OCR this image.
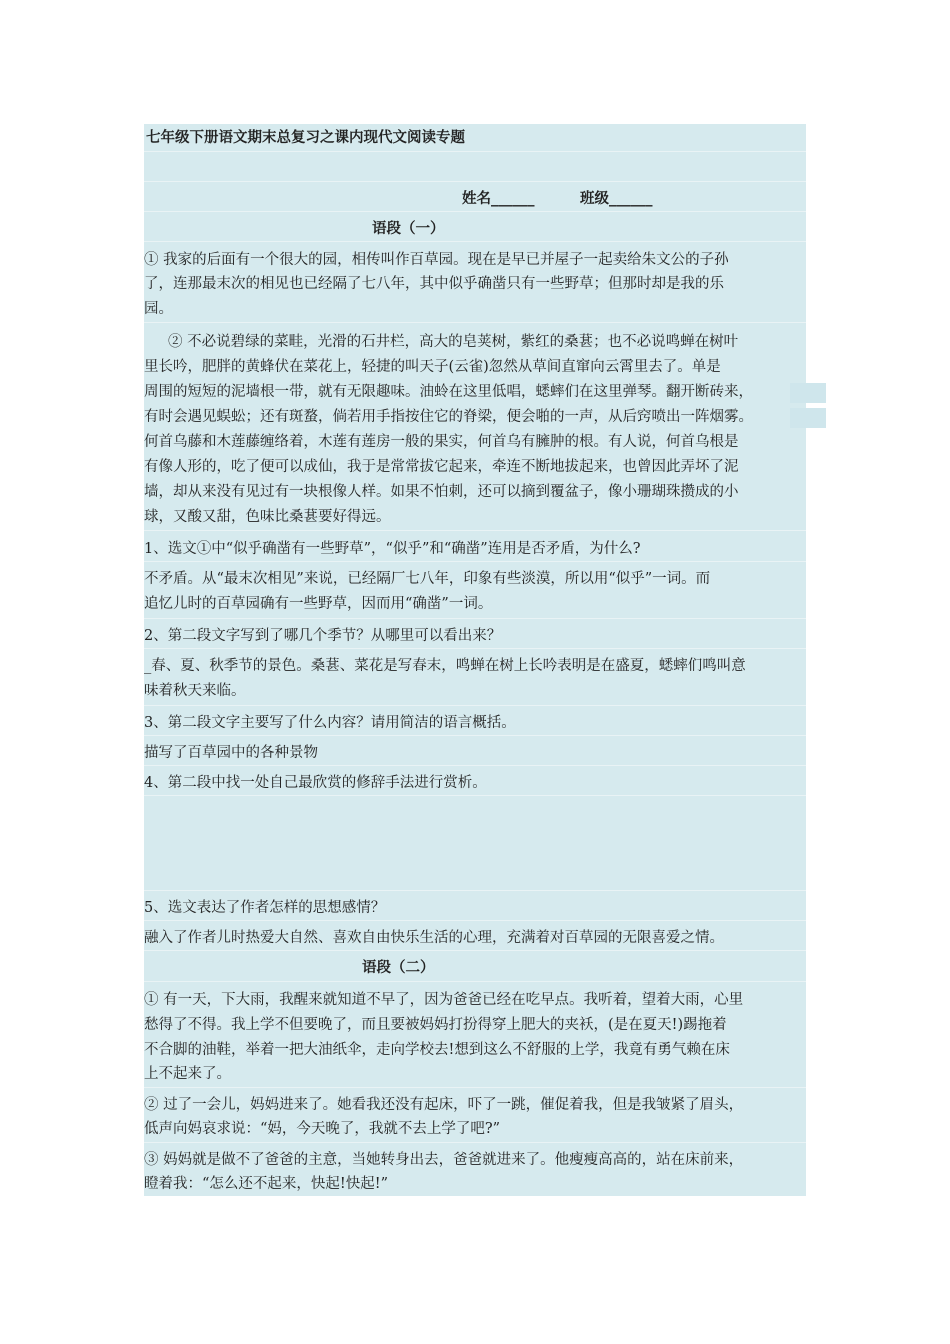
七年级下册语文期末总复习之课内现代文阅读专题
姓名______	班级______
语段（一）
① 我家的后面有一个很大的园，相传叫作百草园。现在是早已并屋子一起卖给朱文公的子孙
了，连那最末次的相见也已经隔了七八年，其中似乎确凿只有一些野草；但那时却是我的乐
园。
② 不必说碧绿的菜畦，光滑的石井栏，高大的皂荚树，紫红的桑葚；也不必说鸣蝉在树叶
里长吟，肥胖的黄蜂伏在菜花上，轻捷的叫天子(云雀)忽然从草间直窜向云霄里去了。单是
周围的短短的泥墙根一带，就有无限趣味。油蛉在这里低唱，蟋蟀们在这里弹琴。翻开断砖来，
有时会遇见蜈蚣；还有斑蝥，倘若用手指按住它的脊梁，便会啪的一声，从后窍喷出一阵烟雾。
何首乌藤和木莲藤缠络着，木莲有莲房一般的果实，何首乌有臃肿的根。有人说，何首乌根是
有像人形的，吃了便可以成仙，我于是常常拔它起来，牵连不断地拔起来，也曾因此弄坏了泥
墙，却从来没有见过有一块根像人样。如果不怕刺，还可以摘到覆盆子，像小珊瑚珠攒成的小
球，又酸又甜，色味比桑葚要好得远。
1、选文①中“似乎确凿有一些野草”，“似乎”和“确凿”连用是否矛盾，为什么?
不矛盾。从“最末次相见”来说，已经隔厂七八年，印象有些淡漠，所以用“似乎”一词。而
追忆儿时的百草园确有一些野草，因而用“确凿”一词。
2、第二段文字写到了哪几个季节？从哪里可以看出来？
_春、夏、秋季节的景色。桑葚、菜花是写春末，鸣蝉在树上长吟表明是在盛夏，蟋蟀们鸣叫意
味着秋天来临。
3、第二段文字主要写了什么内容？请用简洁的语言概括。
描写了百草园中的各种景物
4、第二段中找一处自己最欣赏的修辞手法进行赏析。
5、选文表达了作者怎样的思想感情？
融入了作者儿时热爱大自然、喜欢自由快乐生活的心理，充满着对百草园的无限喜爱之情。
语段（二）
① 有一天，下大雨，我醒来就知道不早了，因为爸爸已经在吃早点。我听着，望着大雨，心里
愁得了不得。我上学不但要晚了，而且要被妈妈打扮得穿上肥大的夹袄，(是在夏天!)踢拖着
不合脚的油鞋，举着一把大油纸伞，走向学校去!想到这么不舒服的上学，我竟有勇气赖在床
上不起来了。
② 过了一会儿，妈妈进来了。她看我还没有起床，吓了一跳，催促着我，但是我皱紧了眉头，
低声向妈哀求说：“妈，今天晚了，我就不去上学了吧?”
③ 妈妈就是做不了爸爸的主意，当她转身出去，爸爸就进来了。他瘦瘦高高的，站在床前来，
瞪着我：“怎么还不起来，快起!快起!”
